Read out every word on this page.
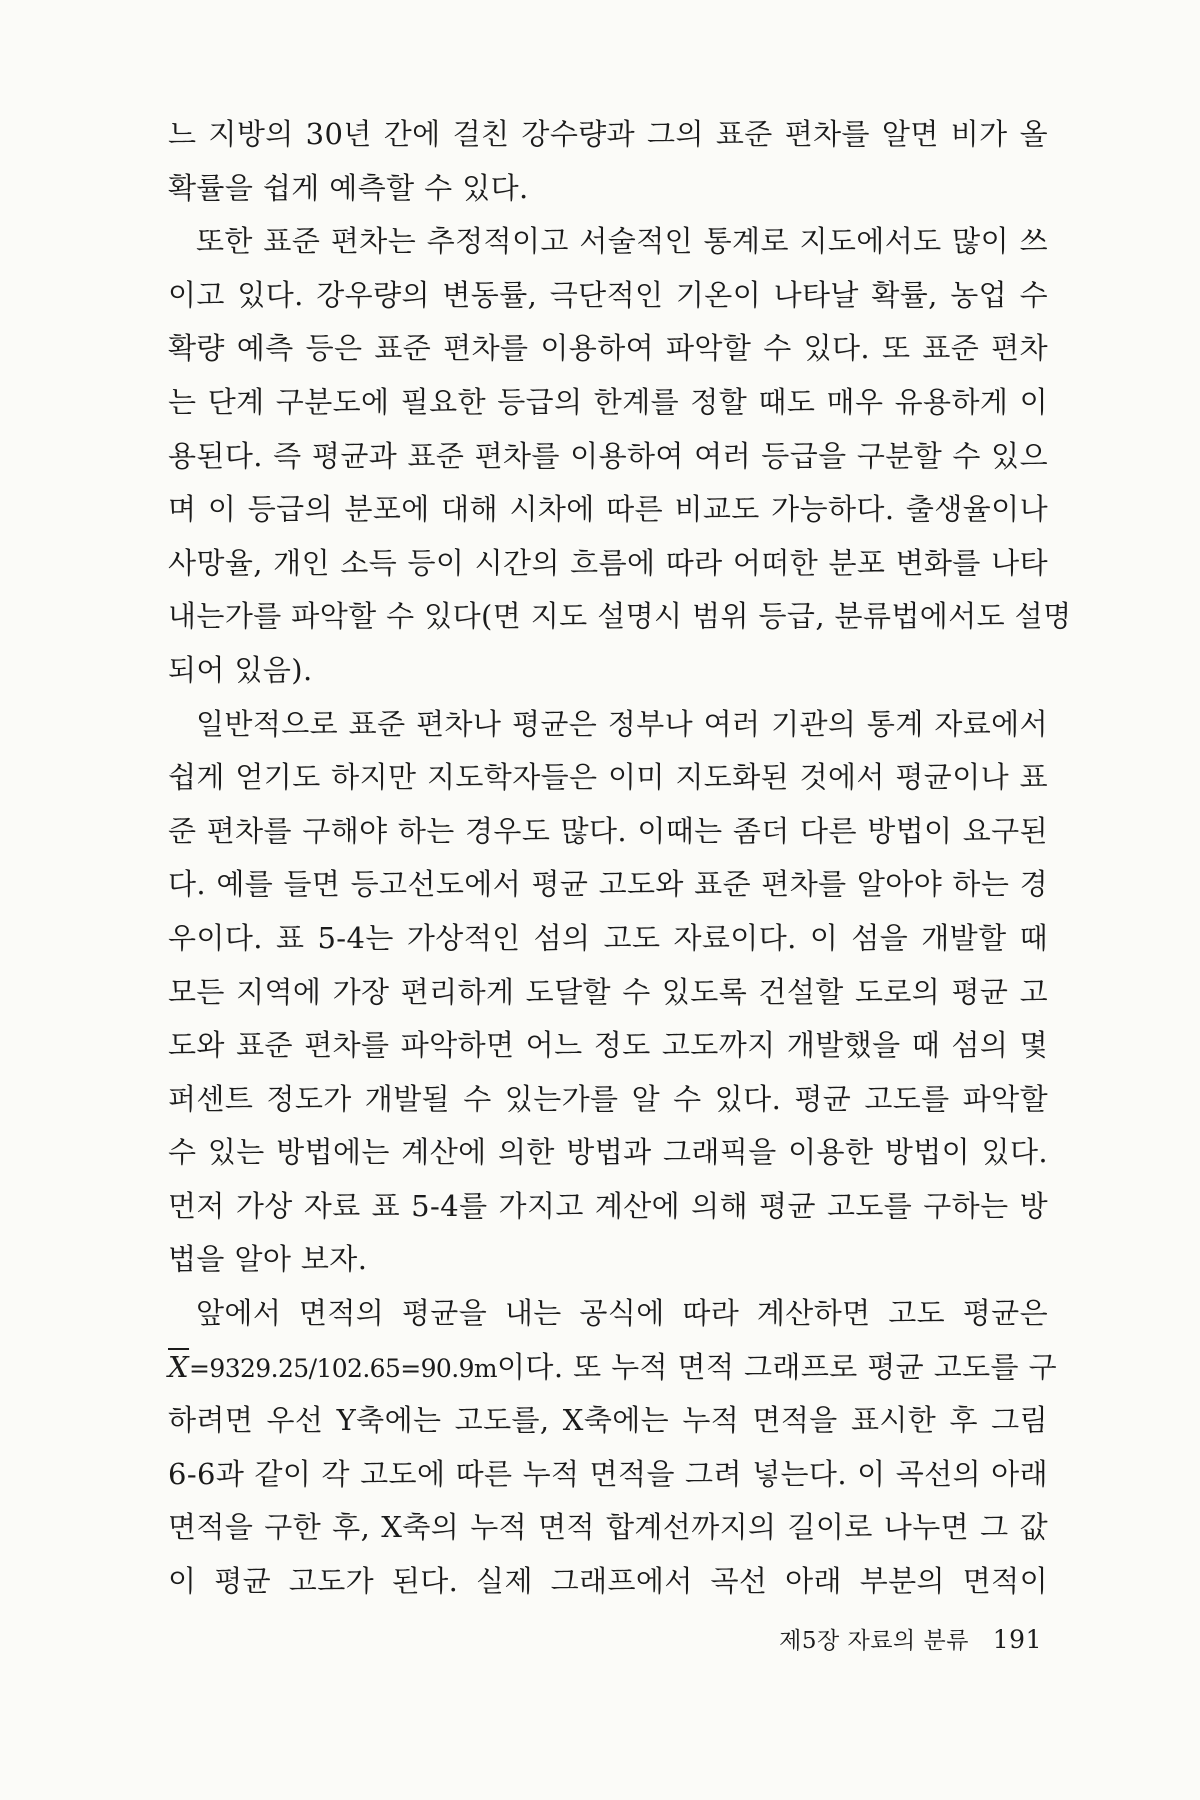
느 지방의 30년 간에 걸친 강수량과 그의 표준 편차를 알면 비가 올
확률을 쉽게 예측할 수 있다.
또한 표준 편차는 추정적이고 서술적인 통계로 지도에서도 많이 쓰
이고 있다. 강우량의 변동률, 극단적인 기온이 나타날 확률, 농업 수
확량 예측 등은 표준 편차를 이용하여 파악할 수 있다. 또 표준 편차
는 단계 구분도에 필요한 등급의 한계를 정할 때도 매우 유용하게 이
용된다. 즉 평균과 표준 편차를 이용하여 여러 등급을 구분할 수 있으
며 이 등급의 분포에 대해 시차에 따른 비교도 가능하다. 출생율이나
사망율, 개인 소득 등이 시간의 흐름에 따라 어떠한 분포 변화를 나타
내는가를 파악할 수 있다(면 지도 설명시 범위 등급, 분류법에서도 설명
되어 있음).
일반적으로 표준 편차나 평균은 정부나 여러 기관의 통계 자료에서
쉽게 얻기도 하지만 지도학자들은 이미 지도화된 것에서 평균이나 표
준 편차를 구해야 하는 경우도 많다. 이때는 좀더 다른 방법이 요구된
다. 예를 들면 등고선도에서 평균 고도와 표준 편차를 알아야 하는 경
우이다. 표 5-4는 가상적인 섬의 고도 자료이다. 이 섬을 개발할 때
모든 지역에 가장 편리하게 도달할 수 있도록 건설할 도로의 평균 고
도와 표준 편차를 파악하면 어느 정도 고도까지 개발했을 때 섬의 몇
퍼센트 정도가 개발될 수 있는가를 알 수 있다. 평균 고도를 파악할
수 있는 방법에는 계산에 의한 방법과 그래픽을 이용한 방법이 있다.
먼저 가상 자료 표 5-4를 가지고 계산에 의해 평균 고도를 구하는 방
법을 알아 보자.
앞에서 면적의 평균을 내는 공식에 따라 계산하면 고도 평균은
$\overline{X}=9329.25/102.65=90.9m$이다. 또 누적 면적 그래프로 평균 고도를 구
하려면 우선 Y축에는 고도를, X축에는 누적 면적을 표시한 후 그림
6-6과 같이 각 고도에 따른 누적 면적을 그려 넣는다. 이 곡선의 아래
면적을 구한 후, X축의 누적 면적 합계선까지의 길이로 나누면 그 값
이 평균 고도가 된다. 실제 그래프에서 곡선 아래 부분의 면적이
제5장 자료의 분류 191
